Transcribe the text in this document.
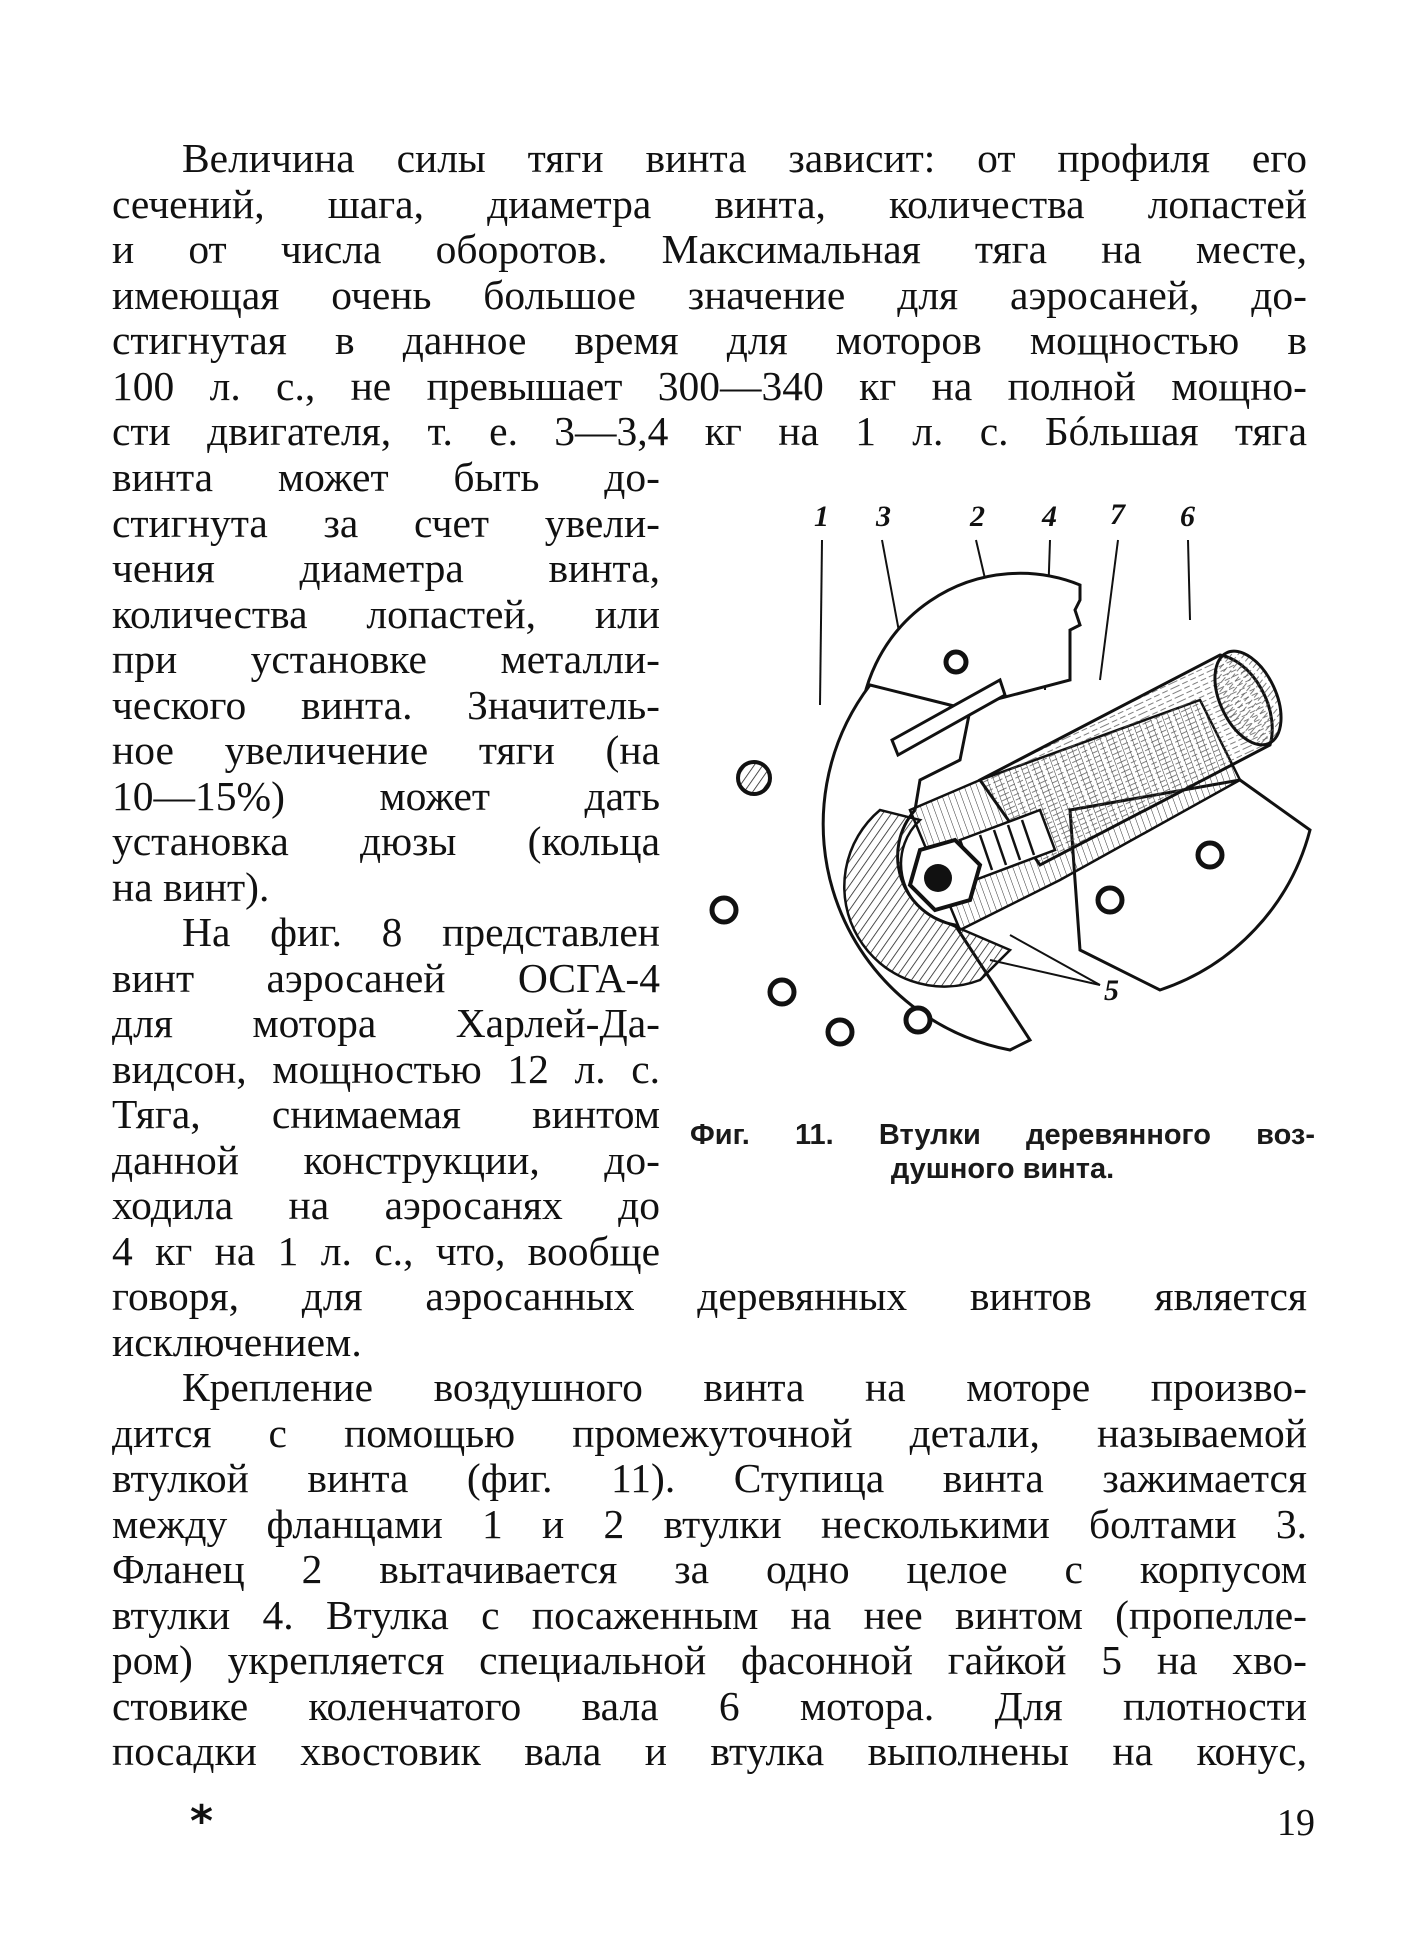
Величина силы тяги винта зависит: от профиля его
сечений, шага, диаметра винта, количества лопастей
и от числа оборотов. Максимальная тяга на месте,
имеющая очень большое значение для аэросаней, до-
стигнутая в данное время для моторов мощностью в
100 л. с., не превышает 300—340 кг на полной мощно-
сти двигателя, т. е. 3—3,4 кг на 1 л. с. Бóльшая тяга
винта может быть до-
стигнута за счет увели-
чения диаметра винта,
количества лопастей, или
при установке металли-
ческого винта. Значитель-
ное увеличение тяги (на
10—15%) может дать
установка дюзы (кольца
на винт).
На фиг. 8 представлен
винт аэросаней ОСГА-4
для мотора Харлей-Да-
видсон, мощностью 12 л. с.
Тяга, снимаемая винтом
данной конструкции, до-
ходила на аэросанях до
4 кг на 1 л. с., что, вообще
говоря, для аэросанных деревянных винтов является
исключением.
Крепление воздушного винта на моторе произво-
дится с помощью промежуточной детали, называемой
втулкой винта (фиг. 11). Ступица винта зажимается
между фланцами 1 и 2 втулки несколькими болтами 3.
Фланец 2 вытачивается за одно целое с корпусом
втулки 4. Втулка с посаженным на нее винтом (пропелле-
ром) укрепляется специальной фасонной гайкой 5 на хво-
стовике коленчатого вала 6 мотора. Для плотности
посадки хвостовик вала и втулка выполнены на конус,
1 3	2 4 7 6
5
Фиг. 11. Втулки деревянного воз-
душного винта.
*	19
